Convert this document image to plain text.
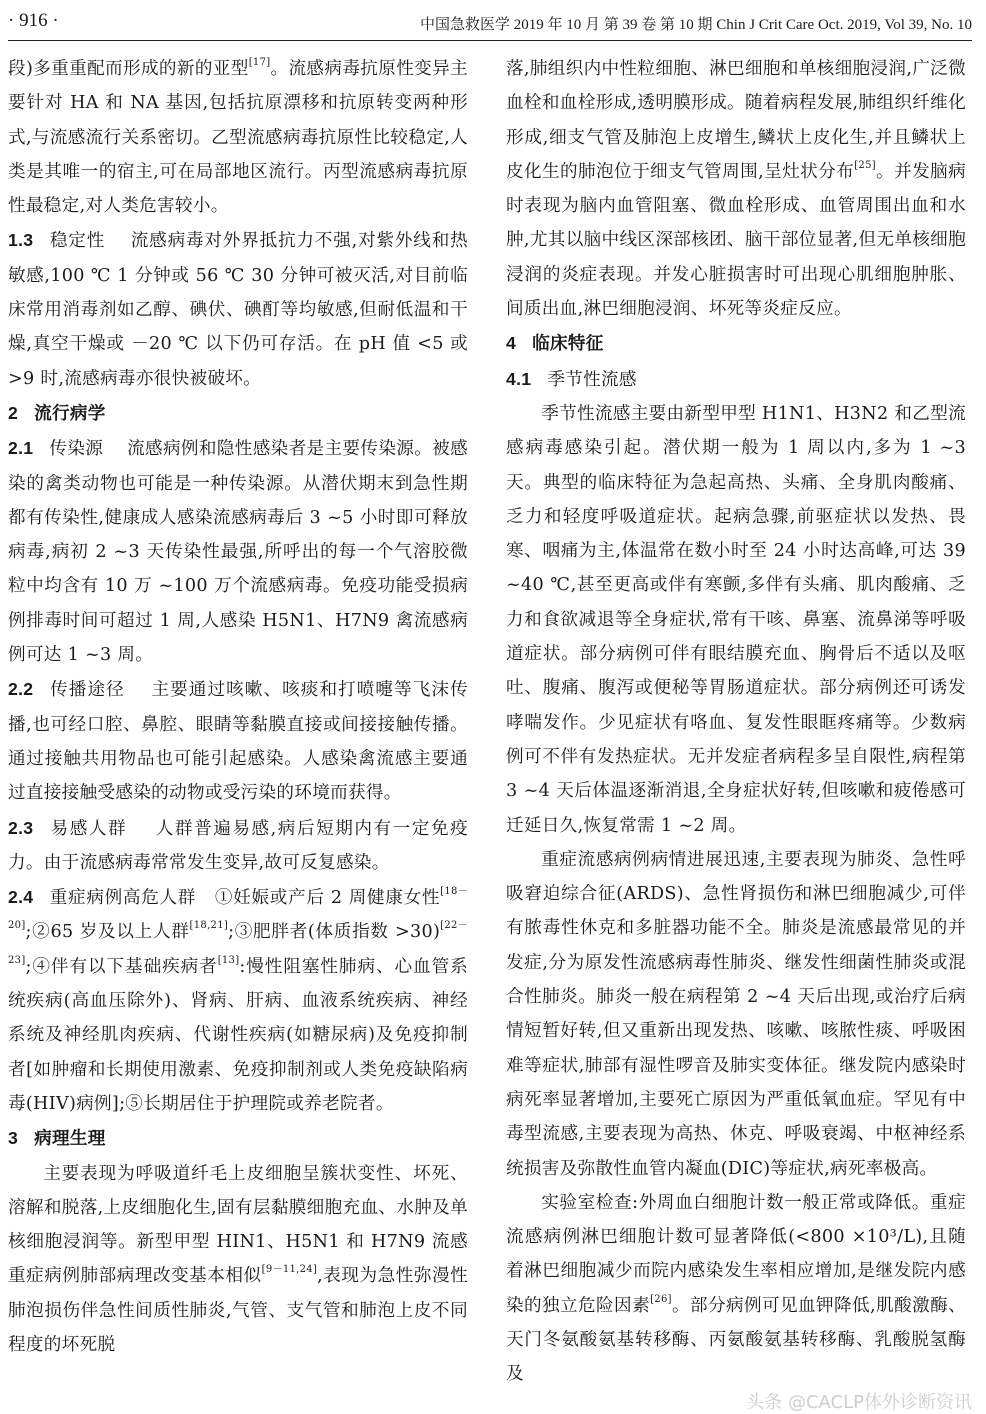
· 916 ·	中国急救医学 2019 年 10 月 第 39 卷 第 10 期 Chin J Crit Care Oct. 2019, Vol 39, No. 10

段)多重重配而形成的新的亚型[17]。流感病毒抗原性变异主要针对 HA 和 NA 基因,包括抗原漂移和抗原转变两种形式,与流感流行关系密切。乙型流感病毒抗原性比较稳定,人类是其唯一的宿主,可在局部地区流行。丙型流感病毒抗原性最稳定,对人类危害较小。

1.3 稳定性 流感病毒对外界抵抗力不强,对紫外线和热敏感,100 ℃ 1 分钟或 56 ℃ 30 分钟可被灭活,对目前临床常用消毒剂如乙醇、碘伏、碘酊等均敏感,但耐低温和干燥,真空干燥或 －20 ℃ 以下仍可存活。在 pH 值 <5 或 >9 时,流感病毒亦很快被破坏。

2 流行病学

2.1 传染源 流感病例和隐性感染者是主要传染源。被感染的禽类动物也可能是一种传染源。从潜伏期末到急性期都有传染性,健康成人感染流感病毒后 3 ~5 小时即可释放病毒,病初 2 ~3 天传染性最强,所呼出的每一个气溶胶微粒中均含有 10 万 ~100 万个流感病毒。免疫功能受损病例排毒时间可超过 1 周,人感染 H5N1、H7N9 禽流感病例可达 1 ~3 周。

2.2 传播途径 主要通过咳嗽、咳痰和打喷嚏等飞沫传播,也可经口腔、鼻腔、眼睛等黏膜直接或间接接触传播。通过接触共用物品也可能引起感染。人感染禽流感主要通过直接接触受感染的动物或受污染的环境而获得。

2.3 易感人群 人群普遍易感,病后短期内有一定免疫力。由于流感病毒常常发生变异,故可反复感染。

2.4 重症病例高危人群 ①妊娠或产后 2 周健康女性[18－20];②65 岁及以上人群[18,21];③肥胖者(体质指数 >30)[22－23];④伴有以下基础疾病者[13]:慢性阻塞性肺病、心血管系统疾病(高血压除外)、肾病、肝病、血液系统疾病、神经系统及神经肌肉疾病、代谢性疾病(如糖尿病)及免疫抑制者[如肿瘤和长期使用激素、免疫抑制剂或人类免疫缺陷病毒(HIV)病例];⑤长期居住于护理院或养老院者。

3 病理生理

主要表现为呼吸道纤毛上皮细胞呈簇状变性、坏死、溶解和脱落,上皮细胞化生,固有层黏膜细胞充血、水肿及单核细胞浸润等。新型甲型 HIN1、H5N1 和 H7N9 流感重症病例肺部病理改变基本相似[9－11,24],表现为急性弥漫性肺泡损伤伴急性间质性肺炎,气管、支气管和肺泡上皮不同程度的坏死脱

落,肺组织内中性粒细胞、淋巴细胞和单核细胞浸润,广泛微血栓和血栓形成,透明膜形成。随着病程发展,肺组织纤维化形成,细支气管及肺泡上皮增生,鳞状上皮化生,并且鳞状上皮化生的肺泡位于细支气管周围,呈灶状分布[25]。并发脑病时表现为脑内血管阻塞、微血栓形成、血管周围出血和水肿,尤其以脑中线区深部核团、脑干部位显著,但无单核细胞浸润的炎症表现。并发心脏损害时可出现心肌细胞肿胀、间质出血,淋巴细胞浸润、坏死等炎症反应。

4 临床特征

4.1 季节性流感

季节性流感主要由新型甲型 H1N1、H3N2 和乙型流感病毒感染引起。潜伏期一般为 1 周以内,多为 1 ~3 天。典型的临床特征为急起高热、头痛、全身肌肉酸痛、乏力和轻度呼吸道症状。起病急骤,前驱症状以发热、畏寒、咽痛为主,体温常在数小时至 24 小时达高峰,可达 39 ~40 ℃,甚至更高或伴有寒颤,多伴有头痛、肌肉酸痛、乏力和食欲减退等全身症状,常有干咳、鼻塞、流鼻涕等呼吸道症状。部分病例可伴有眼结膜充血、胸骨后不适以及呕吐、腹痛、腹泻或便秘等胃肠道症状。部分病例还可诱发哮喘发作。少见症状有咯血、复发性眼眶疼痛等。少数病例可不伴有发热症状。无并发症者病程多呈自限性,病程第 3 ~4 天后体温逐渐消退,全身症状好转,但咳嗽和疲倦感可迁延日久,恢复常需 1 ~2 周。

重症流感病例病情进展迅速,主要表现为肺炎、急性呼吸窘迫综合征(ARDS)、急性肾损伤和淋巴细胞减少,可伴有脓毒性休克和多脏器功能不全。肺炎是流感最常见的并发症,分为原发性流感病毒性肺炎、继发性细菌性肺炎或混合性肺炎。肺炎一般在病程第 2 ~4 天后出现,或治疗后病情短暂好转,但又重新出现发热、咳嗽、咳脓性痰、呼吸困难等症状,肺部有湿性啰音及肺实变体征。继发院内感染时病死率显著增加,主要死亡原因为严重低氧血症。罕见有中毒型流感,主要表现为高热、休克、呼吸衰竭、中枢神经系统损害及弥散性血管内凝血(DIC)等症状,病死率极高。

实验室检查:外周血白细胞计数一般正常或降低。重症流感病例淋巴细胞计数可显著降低(<800 ×10³/L),且随着淋巴细胞减少而院内感染发生率相应增加,是继发院内感染的独立危险因素[26]。部分病例可见血钾降低,肌酸激酶、天门冬氨酸氨基转移酶、丙氨酸氨基转移酶、乳酸脱氢酶及

头条 @CACLP体外诊断资讯
